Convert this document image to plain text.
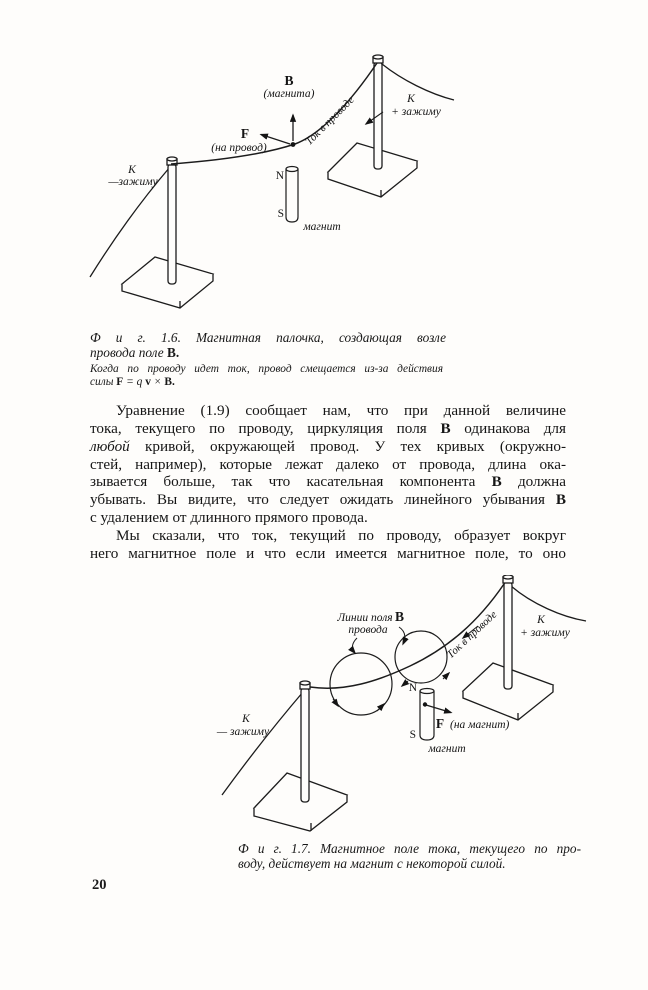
B
(магнита)
F
(на провод)
Ток в проводе	К
+ зажиму
К
—зажиму	N
S
магнит
Ф и г. 1.6. Магнитная палочка, создающая возле
провода поле B.
Когда по проводу идет ток, провод смещается из-за действия
силы F = q v × B.
Уравнение (1.9) сообщает нам, что при данной величине
тока, текущего по проводу, циркуляция поля B одинакова для
любой кривой, окружающей провод. У тех кривых (окружно-
стей, например), которые лежат далеко от провода, длина ока-
зывается больше, так что касательная компонента B должна
убывать. Вы видите, что следует ожидать линейного убывания B
с удалением от длинного прямого провода.
Мы сказали, что ток, текущий по проводу, образует вокруг
него магнитное поле и что если имеется магнитное поле, то оно
Линии поля B
провода	Ток в проводе	К
+ зажиму
К
— зажиму
N
S
F (на магнит)
магнит
Ф и г. 1.7. Магнитное поле тока, текущего по про-
воду, действует на магнит с некоторой силой.
20
